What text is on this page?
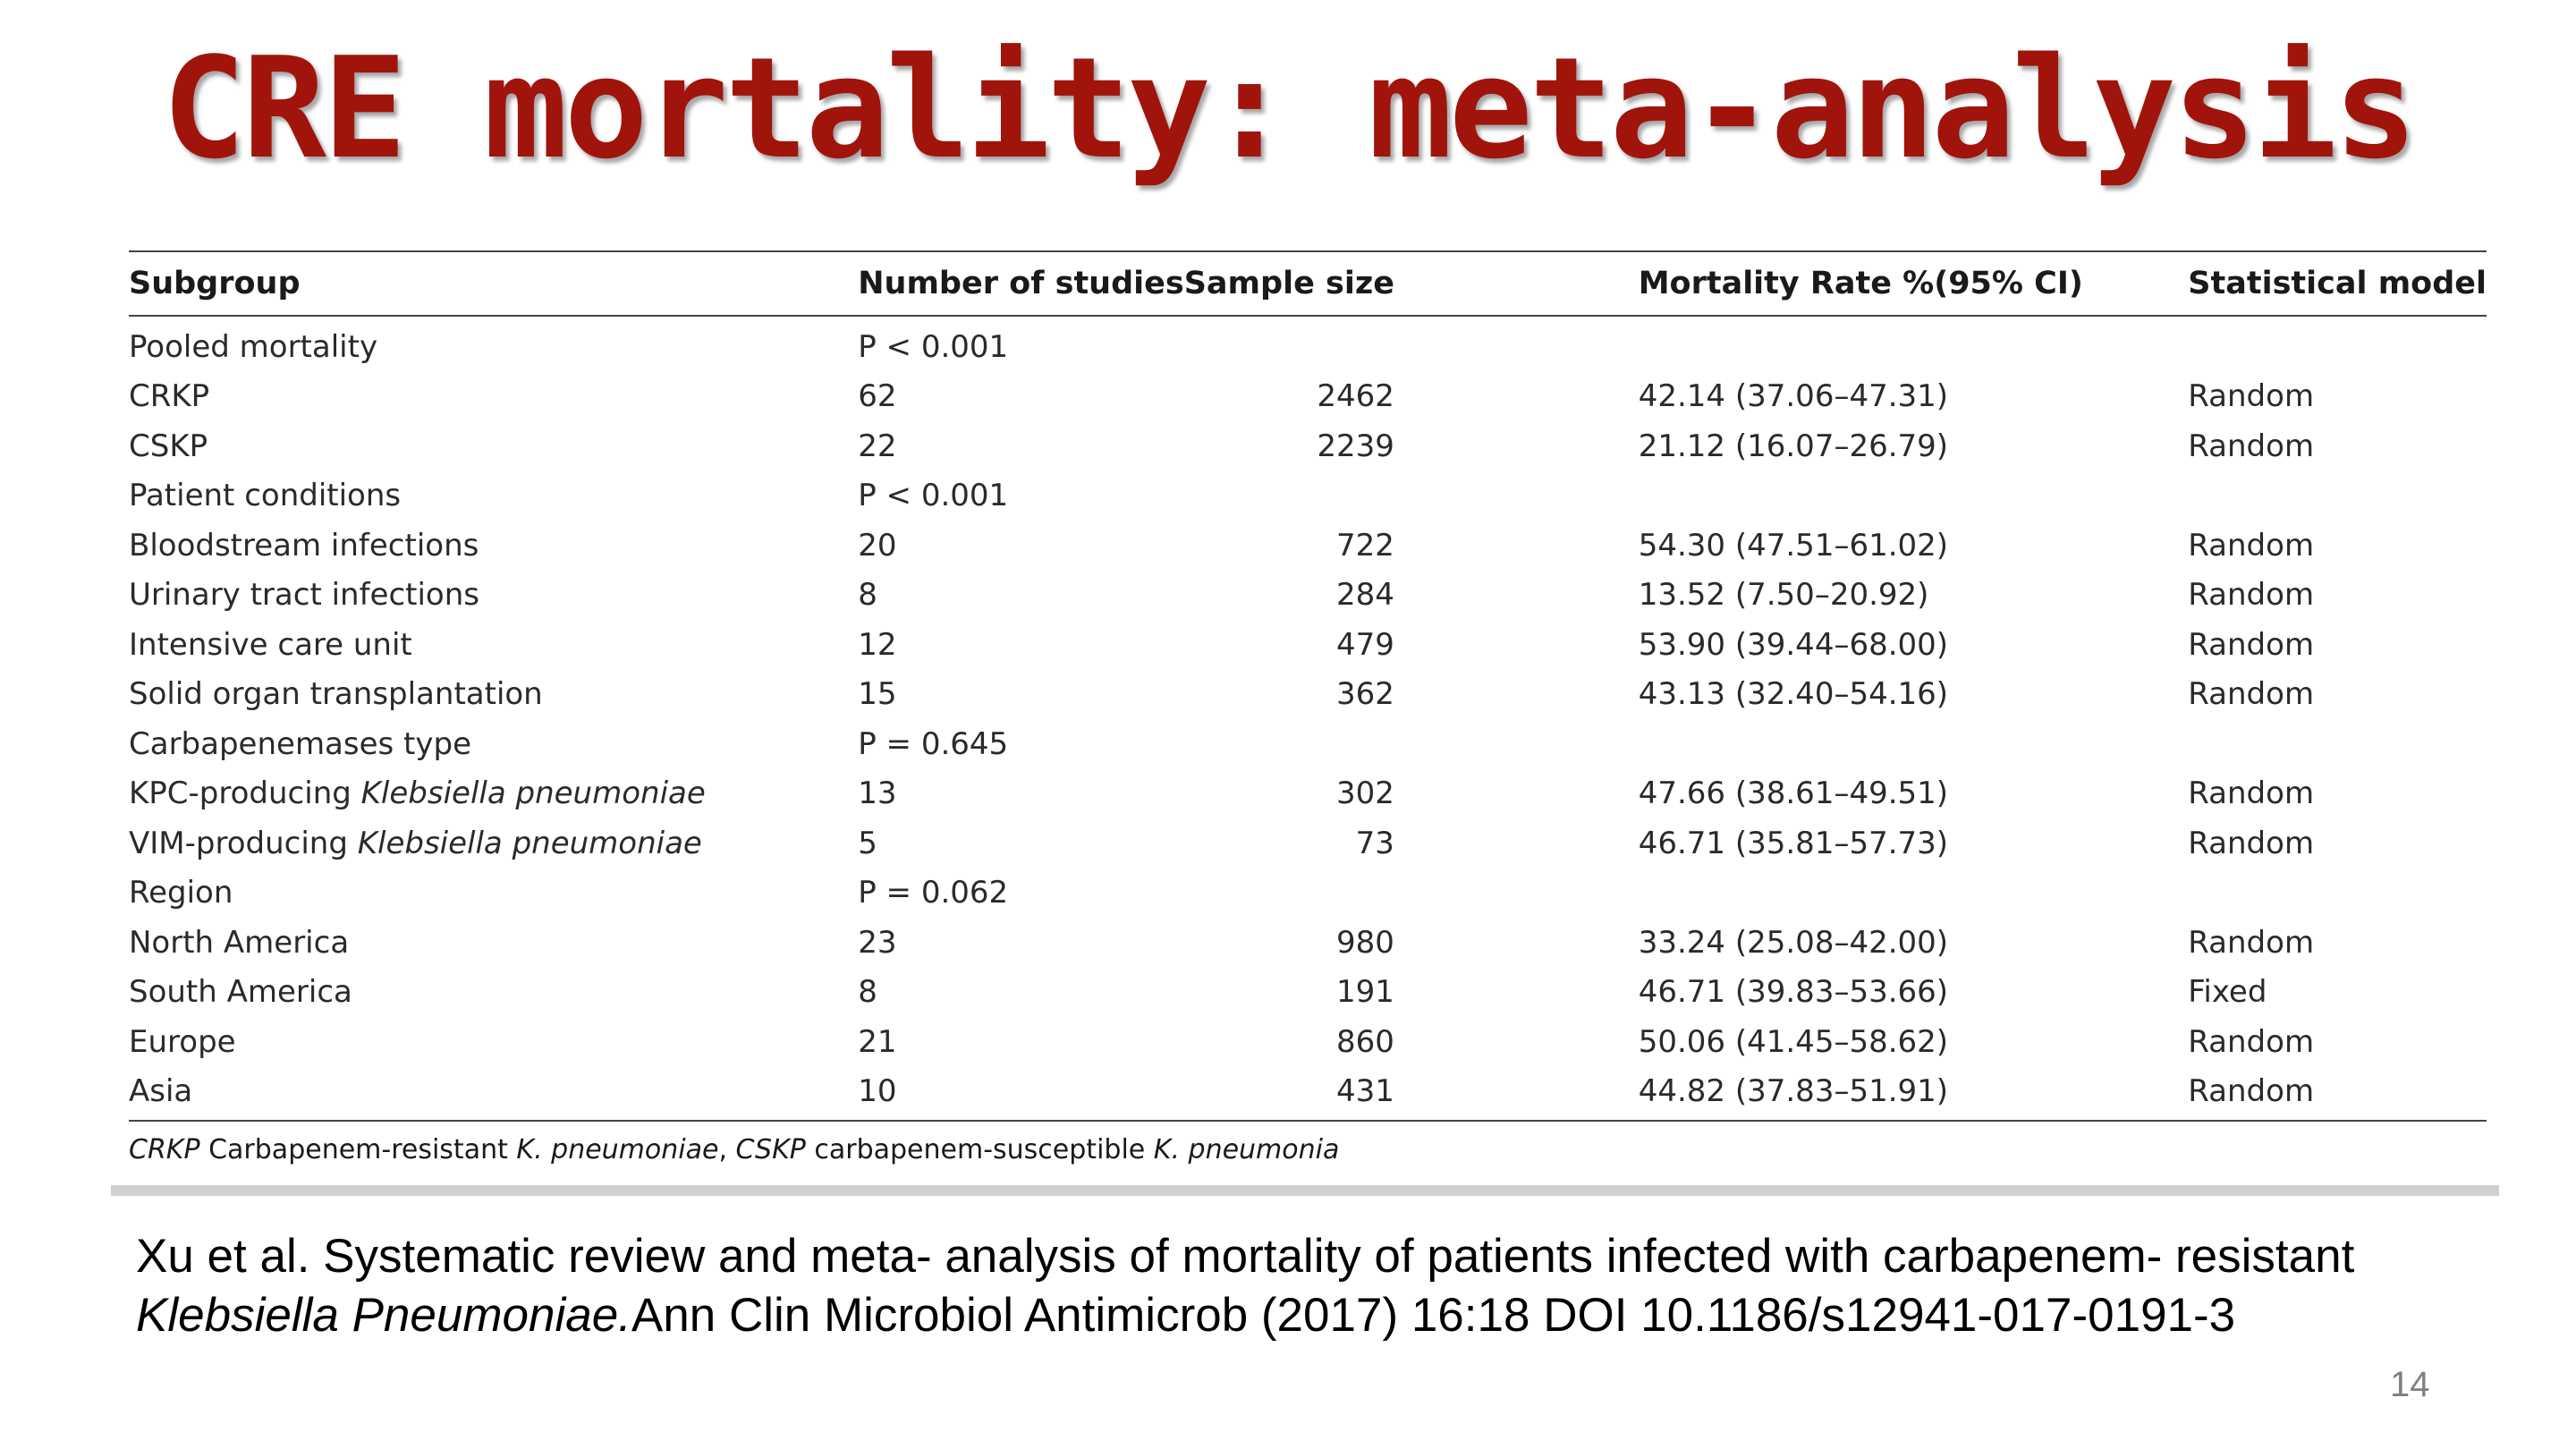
CRE mortality: meta-analysis
Subgroup	Number of studies	Sample size		Mortality Rate %(95% CI)	Statistical model
Pooled mortality	P < 0.001				
CRKP	62	2462		42.14 (37.06–47.31)	Random
CSKP	22	2239		21.12 (16.07–26.79)	Random
Patient conditions	P < 0.001				
Bloodstream infections	20	722		54.30 (47.51–61.02)	Random
Urinary tract infections	8	284		13.52 (7.50–20.92)	Random
Intensive care unit	12	479		53.90 (39.44–68.00)	Random
Solid organ transplantation	15	362		43.13 (32.40–54.16)	Random
Carbapenemases type	P = 0.645				
KPC-producing Klebsiella pneumoniae	13	302		47.66 (38.61–49.51)	Random
VIM-producing Klebsiella pneumoniae	5	73		46.71 (35.81–57.73)	Random
Region	P = 0.062				
North America	23	980		33.24 (25.08–42.00)	Random
South America	8	191		46.71 (39.83–53.66)	Fixed
Europe	21	860		50.06 (41.45–58.62)	Random
Asia	10	431		44.82 (37.83–51.91)	Random
CRKP Carbapenem-resistant K. pneumoniae, CSKP carbapenem-susceptible K. pneumonia
Xu et al. Systematic review and meta‐ analysis of mortality of patients infected with carbapenem‐ resistant
Klebsiella Pneumoniae.Ann Clin Microbiol Antimicrob (2017) 16:18 DOI 10.1186/s12941-017-0191-3
14
